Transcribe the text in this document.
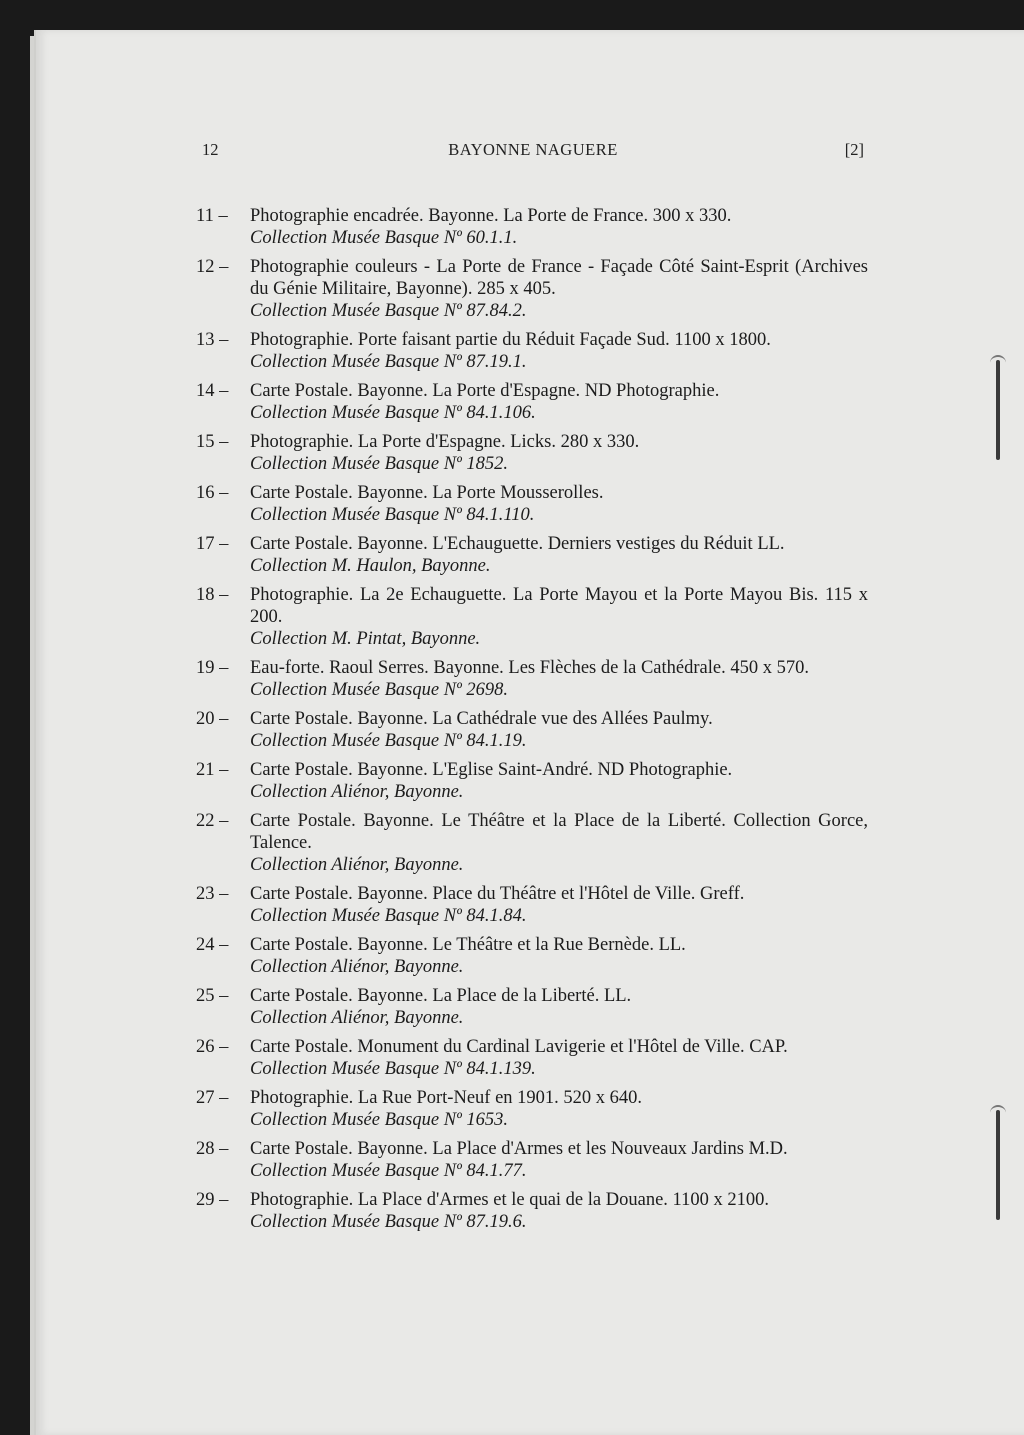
12	BAYONNE NAGUERE	[2]
11 –	Photographie encadrée. Bayonne. La Porte de France. 300 x 330.
Collection Musée Basque Nº 60.1.1.
12 –	Photographie couleurs - La Porte de France - Façade Côté Saint-Esprit (Archives du Génie Militaire, Bayonne). 285 x 405.
Collection Musée Basque Nº 87.84.2.
13 –	Photographie. Porte faisant partie du Réduit Façade Sud. 1100 x 1800.
Collection Musée Basque Nº 87.19.1.
14 –	Carte Postale. Bayonne. La Porte d'Espagne. ND Photographie.
Collection Musée Basque Nº 84.1.106.
15 –	Photographie. La Porte d'Espagne. Licks. 280 x 330.
Collection Musée Basque Nº 1852.
16 –	Carte Postale. Bayonne. La Porte Mousserolles.
Collection Musée Basque Nº 84.1.110.
17 –	Carte Postale. Bayonne. L'Echauguette. Derniers vestiges du Réduit LL.
Collection M. Haulon, Bayonne.
18 –	Photographie. La 2e Echauguette. La Porte Mayou et la Porte Mayou Bis. 115 x 200.
Collection M. Pintat, Bayonne.
19 –	Eau-forte. Raoul Serres. Bayonne. Les Flèches de la Cathédrale. 450 x 570.
Collection Musée Basque Nº 2698.
20 –	Carte Postale. Bayonne. La Cathédrale vue des Allées Paulmy.
Collection Musée Basque Nº 84.1.19.
21 –	Carte Postale. Bayonne. L'Eglise Saint-André. ND Photographie.
Collection Aliénor, Bayonne.
22 –	Carte Postale. Bayonne. Le Théâtre et la Place de la Liberté. Collection Gorce, Talence.
Collection Aliénor, Bayonne.
23 –	Carte Postale. Bayonne. Place du Théâtre et l'Hôtel de Ville. Greff.
Collection Musée Basque Nº 84.1.84.
24 –	Carte Postale. Bayonne. Le Théâtre et la Rue Bernède. LL.
Collection Aliénor, Bayonne.
25 –	Carte Postale. Bayonne. La Place de la Liberté. LL.
Collection Aliénor, Bayonne.
26 –	Carte Postale. Monument du Cardinal Lavigerie et l'Hôtel de Ville. CAP.
Collection Musée Basque Nº 84.1.139.
27 –	Photographie. La Rue Port-Neuf en 1901. 520 x 640.
Collection Musée Basque Nº 1653.
28 –	Carte Postale. Bayonne. La Place d'Armes et les Nouveaux Jardins M.D.
Collection Musée Basque Nº 84.1.77.
29 –	Photographie. La Place d'Armes et le quai de la Douane. 1100 x 2100.
Collection Musée Basque Nº 87.19.6.
